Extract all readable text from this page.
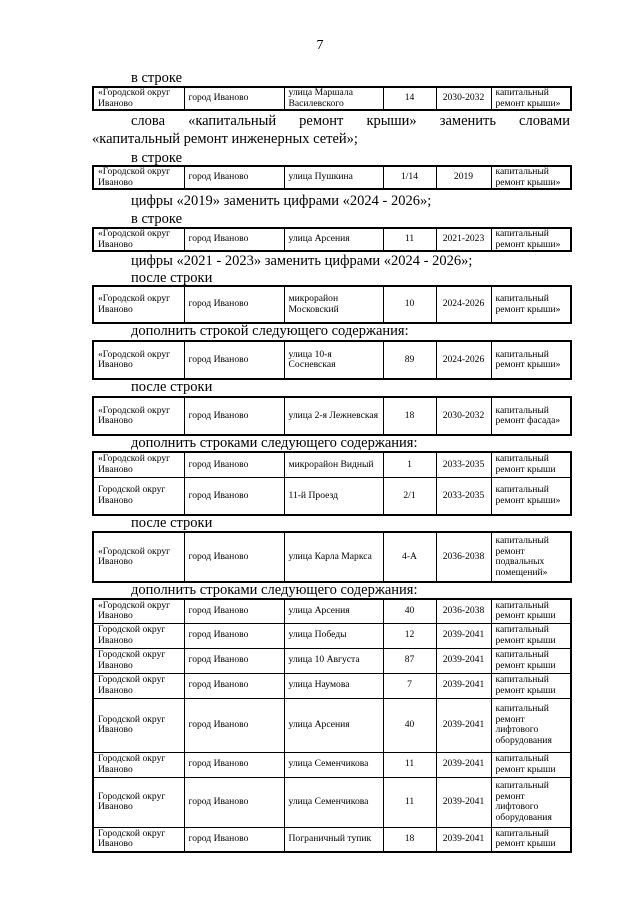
7
в строке
«Городской округ Иваново	город Иваново	улица Маршала Василевского	14	2030-2032	капитальный ремонт крыши»
слова «капитальный ремонт крыши» заменить словами
«капитальный ремонт инженерных сетей»;
в строке
«Городской округ Иваново	город Иваново	улица Пушкина	1/14	2019	капитальный ремонт крыши»
цифры «2019» заменить цифрами «2024 - 2026»;
в строке
«Городской округ Иваново	город Иваново	улица Арсения	11	2021-2023	капитальный ремонт крыши»
цифры «2021 - 2023» заменить цифрами «2024 - 2026»;
после строки
«Городской округ Иваново	город Иваново	микрорайон Московский	10	2024-2026	капитальный ремонт крыши»
дополнить строкой следующего содержания:
«Городской округ Иваново	город Иваново	улица 10-я Сосневская	89	2024-2026	капитальный ремонт крыши»
после строки
«Городской округ Иваново	город Иваново	улица 2-я Лежневская	18	2030-2032	капитальный ремонт фасада»
дополнить строками следующего содержания:
«Городской округ Иваново	город Иваново	микрорайон Видный	1	2033-2035	капитальный ремонт крыши
Городской округ Иваново	город Иваново	11-й Проезд	2/1	2033-2035	капитальный ремонт крыши»
после строки
«Городской округ Иваново	город Иваново	улица Карла Маркса	4-А	2036-2038	капитальный ремонт подвальных помещений»
дополнить строками следующего содержания:
«Городской округ Иваново	город Иваново	улица Арсения	40	2036-2038	капитальный ремонт крыши
Городской округ Иваново	город Иваново	улица Победы	12	2039-2041	капитальный ремонт крыши
Городской округ Иваново	город Иваново	улица 10 Августа	87	2039-2041	капитальный ремонт крыши
Городской округ Иваново	город Иваново	улица Наумова	7	2039-2041	капитальный ремонт крыши
Городской округ Иваново	город Иваново	улица Арсения	40	2039-2041	капитальный ремонт лифтового оборудования
Городской округ Иваново	город Иваново	улица Семенчикова	11	2039-2041	капитальный ремонт крыши
Городской округ Иваново	город Иваново	улица Семенчикова	11	2039-2041	капитальный ремонт лифтового оборудования
Городской округ Иваново	город Иваново	Пограничный тупик	18	2039-2041	капитальный ремонт крыши
